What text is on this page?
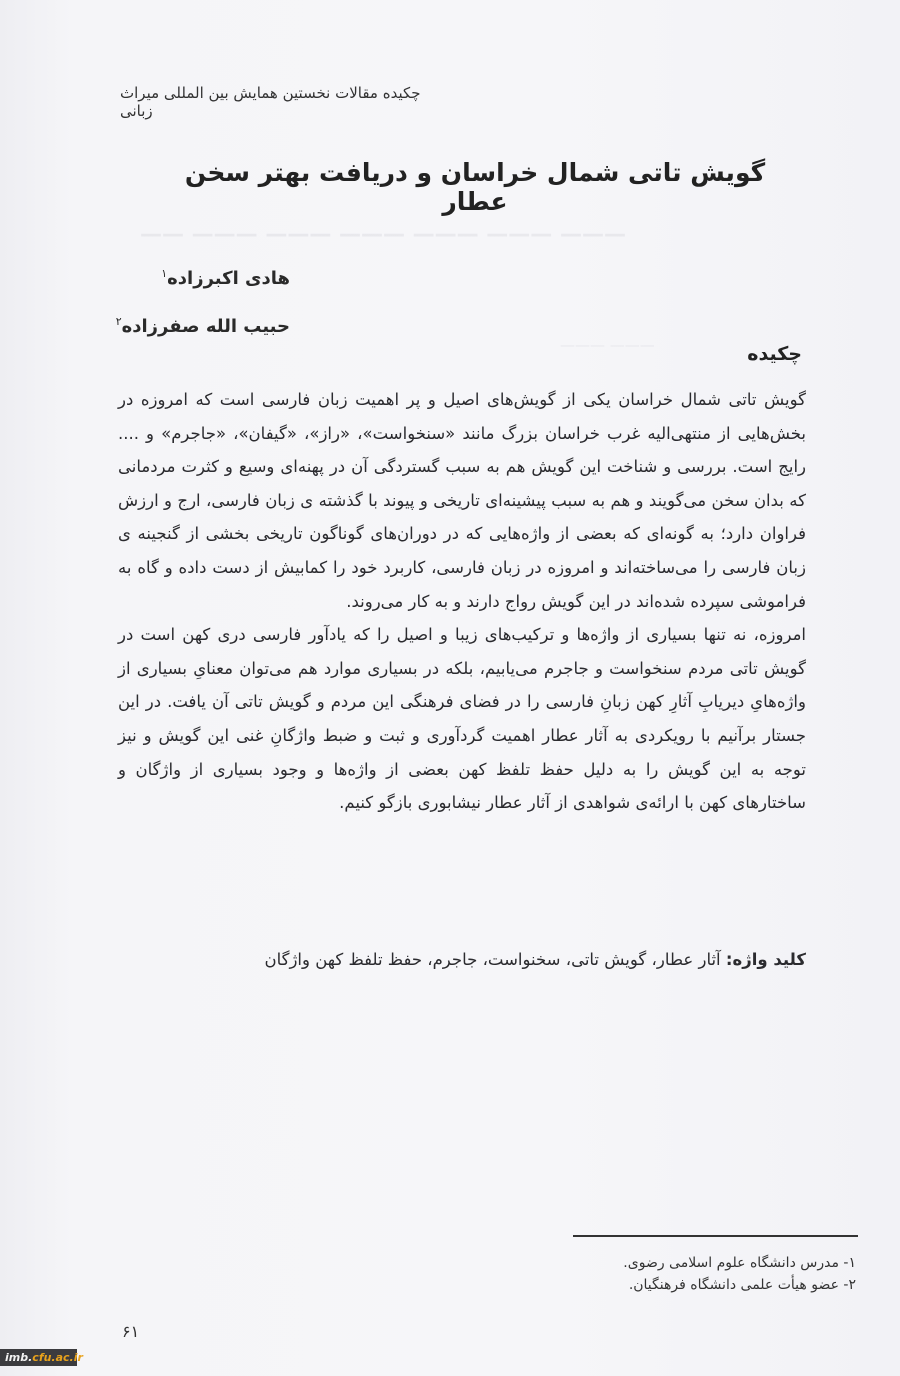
—— ——— ——— ——— ——— ——— ———
——— ———
چکیده مقالات نخستین همایش بین المللی میراث زبانی
گویش تاتی شمال خراسان و دریافت بهتر سخن عطار
هادی اکبرزاده$^۱$
حبیب الله صفرزاده$^۲$
چکیده

گویش تاتی شمال خراسان یکی از گویش‌های اصیل و پر اهمیت زبان فارسی است که امروزه در بخش‌هایی از منتهی‌الیه غرب خراسان بزرگ مانند «سنخواست»، «راز»، «گیفان»، «جاجرم» و .... رایج است. بررسی و شناخت این گویش هم به سبب گستردگی آن در پهنه‌ای وسیع و کثرت مردمانی که بدان سخن می‌گویند و هم به سبب پیشینه‌ای تاریخی و پیوند با گذشته ی زبان فارسی، ارج و ارزش فراوان دارد؛ به گونه‌ای که بعضی از واژه‌هایی که در دوران‌های گوناگون تاریخی بخشی از گنجینه ی زبان فارسی را می‌ساخته‌اند و امروزه در زبان فارسی، کاربرد خود را کمابیش از دست داده و گاه به فراموشی سپرده شده‌اند در این گویش رواج دارند و به کار می‌روند.

امروزه، نه تنها بسیاری از واژه‌ها و ترکیب‌های زیبا و اصیل را که یادآور فارسی دری کهن است در گویش تاتی مردم سنخواست و جاجرم می‌یابیم، بلکه در بسیاری موارد هم می‌توان معنایِ بسیاری از واژه‌هایِ دیریابِ آثارِ کهن زبانِ فارسی را در فضای فرهنگی این مردم و گویش تاتی آن یافت. در این جستار برآنیم با رویکردی به آثار عطار اهمیت گردآوری و ثبت و ضبط واژگانِ غنی این گویش و نیز توجه به این گویش را به دلیل حفظ تلفظ کهن بعضی از واژه‌ها و وجود بسیاری از واژگان و ساختارهای کهن با ارائه‌ی شواهدی از آثار عطار نیشابوری بازگو کنیم.

کلید واژه: آثار عطار، گویش تاتی، سخنواست، جاجرم، حفظ تلفظ کهن واژگان
۱- مدرس دانشگاه علوم اسلامی رضوی.
۲- عضو هیأت علمی دانشگاه فرهنگیان.
۶۱
imb.cfu.ac.ir
